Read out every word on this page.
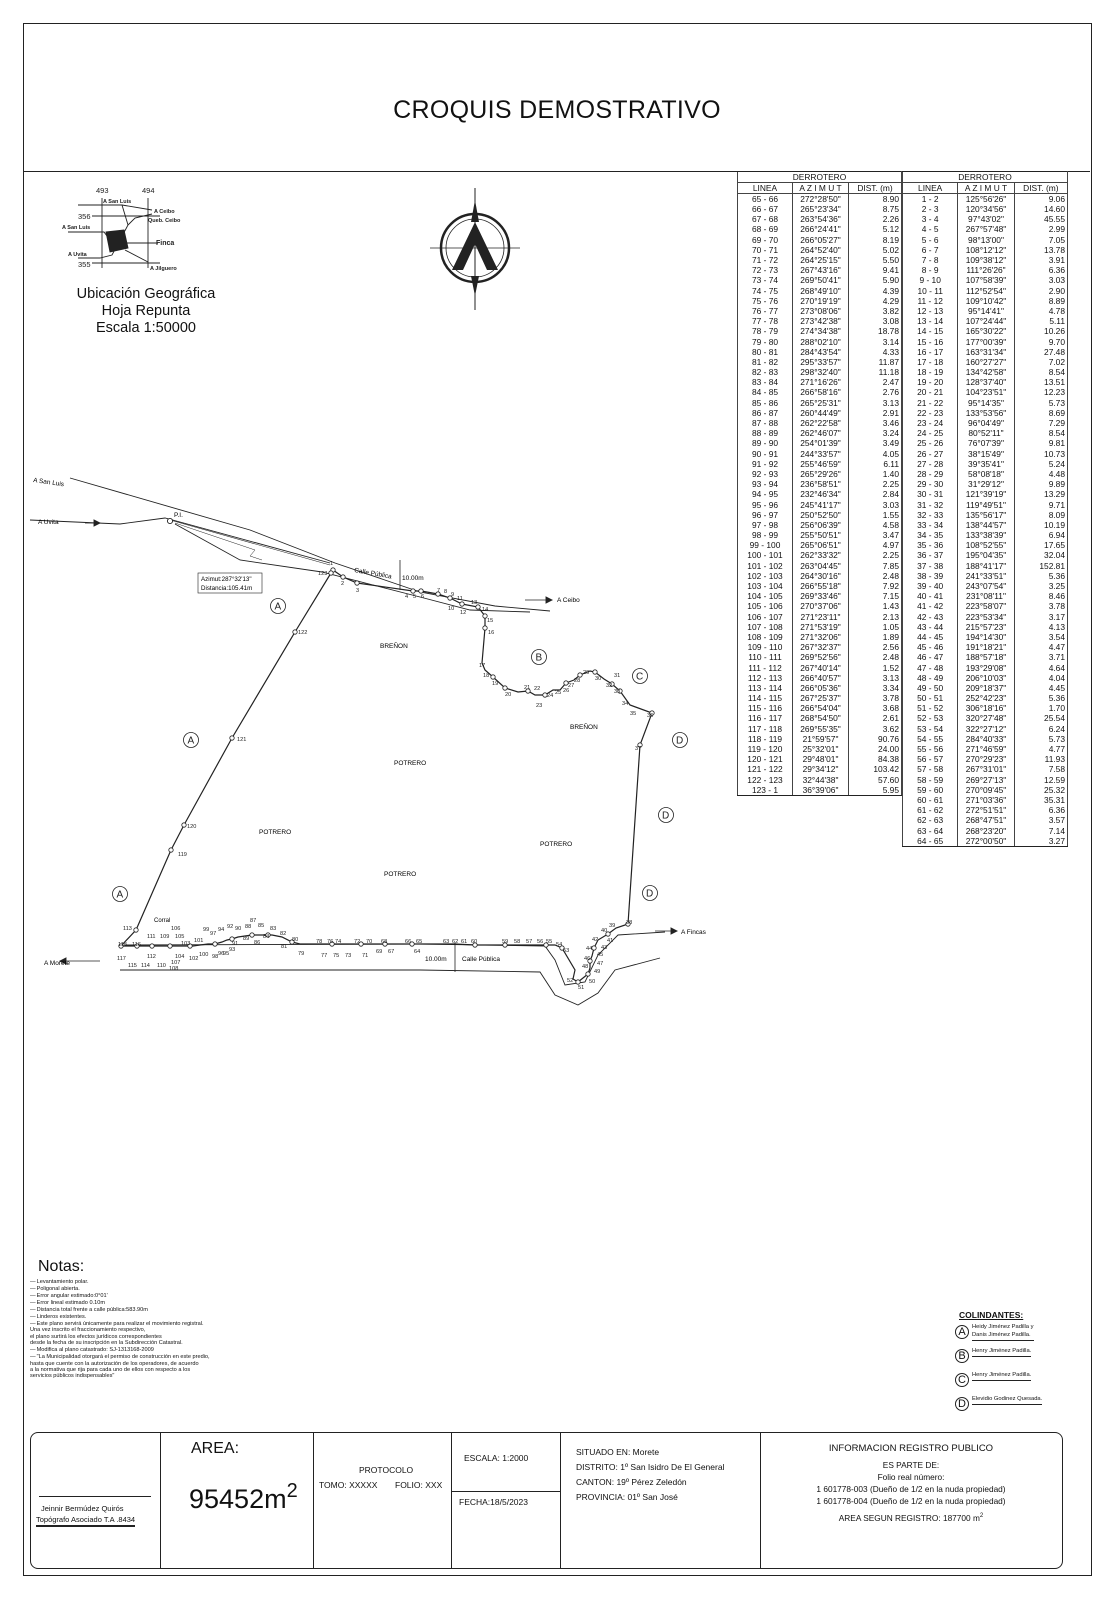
CROQUIS DEMOSTRATIVO
493	494
356
355
A San Luis
A Ceibo
Queb. Ceibo
A San Luis
Finca
A Uvita
A Jilguero
A San Luis
A Uvita
A Ceibo
A Fincas
A Morete
Calle Pública
Calle Pública
10.00m
10.00m
P.I.
Azimut:287°32'13"
Distancia:105.41m
1
2
3
4 5 6
7 8 9
10
11
12
13
14
15
16
17
18
19
20
21 22
23
24 25 26
27
28
29
30 31
32
33
34
35 36
37
38
39
40
41
42
43
44
45
46
47
48
49
50
51
52
53
54
55
56
57
58
59
60
61
62
63
64
65
66
67
68
69
70
71
72
73
74
75
76
77
78
79
80
81
82
83
84
85
86
87
88
89
90
91
92
93
94
95
96
97
98
99
100
101
102
103
104
105
106
107
108
109
110
111
112
113
114
115
116
117
118
119
120
121
122
123
BREÑON
BREÑON
POTRERO
POTRERO
POTRERO
POTRERO
Corral
A
A
A
B
C
D
D
D
Ubicación Geográfica
Hoja Repunta
Escala 1:50000
DERROTERO		
LINEA	A Z I M U T	DIST. (m)
65 - 66	272°28'50"	8.90
66 - 67	265°23'34"	8.75
67 - 68	263°54'36"	2.26
68 - 69	266°24'41"	5.12
69 - 70	266°05'27"	8.19
70 - 71	264°52'40"	5.02
71 - 72	264°25'15"	5.50
72 - 73	267°43'16"	9.41
73 - 74	269°50'41"	5.90
74 - 75	268°49'10"	4.39
75 - 76	270°19'19"	4.29
76 - 77	273°08'06"	3.82
77 - 78	273°42'38"	3.08
78 - 79	274°34'38"	18.78
79 - 80	288°02'10"	3.14
80 - 81	284°43'54"	4.33
81 - 82	295°33'57"	11.87
82 - 83	298°32'40"	11.18
83 - 84	271°16'26"	2.47
84 - 85	266°58'16"	2.76
85 - 86	265°25'31"	3.13
86 - 87	260°44'49"	2.91
87 - 88	262°22'58"	3.46
88 - 89	262°46'07"	3.24
89 - 90	254°01'39"	3.49
90 - 91	244°33'57"	4.05
91 - 92	255°46'59"	6.11
92 - 93	265°29'26"	1.40
93 - 94	236°58'51"	2.25
94 - 95	232°46'34"	2.84
95 - 96	245°41'17"	3.03
96 - 97	250°52'50"	1.55
97 - 98	256°06'39"	4.58
98 - 99	255°50'51"	3.47
99 - 100	265°06'51"	4.97
100 - 101	262°33'32"	2.25
101 - 102	263°04'45"	7.85
102 - 103	264°30'16"	2.48
103 - 104	266°55'18"	7.92
104 - 105	269°33'46"	7.15
105 - 106	270°37'06"	1.43
106 - 107	271°23'11"	2.13
107 - 108	271°53'19"	1.05
108 - 109	271°32'06"	1.89
109 - 110	267°32'37"	2.56
110 - 111	269°52'56"	2.48
111 - 112	267°40'14"	1.52
112 - 113	266°40'57"	3.13
113 - 114	266°05'36"	3.34
114 - 115	267°25'37"	3.78
115 - 116	266°54'04"	3.68
116 - 117	268°54'50"	2.61
117 - 118	269°55'35"	3.62
118 - 119	21°59'57"	90.76
119 - 120	25°32'01"	24.00
120 - 121	29°48'01"	84.38
121 - 122	29°34'12"	103.42
122 - 123	32°44'38"	57.60
123 - 1	36°39'06"	5.95
DERROTERO		
LINEA	A Z I M U T	DIST. (m)
1 - 2	125°56'26"	9.06
2 - 3	120°34'56"	14.60
3 - 4	97°43'02"	45.55
4 - 5	267°57'48"	2.99
5 - 6	98°13'00"	7.05
6 - 7	108°12'12"	13.78
7 - 8	109°38'12"	3.91
8 - 9	111°26'26"	6.36
9 - 10	107°58'39"	3.03
10 - 11	112°52'54"	2.90
11 - 12	109°10'42"	8.89
12 - 13	95°14'41"	4.78
13 - 14	107°24'44"	5.11
14 - 15	165°30'22"	10.26
15 - 16	177°00'39"	9.70
16 - 17	163°31'34"	27.48
17 - 18	160°27'27"	7.02
18 - 19	134°42'58"	8.54
19 - 20	128°37'40"	13.51
20 - 21	104°23'51"	12.23
21 - 22	95°14'35"	5.73
22 - 23	133°53'56"	8.69
23 - 24	96°04'49"	7.29
24 - 25	80°52'11"	8.54
25 - 26	76°07'39"	9.81
26 - 27	38°15'49"	10.73
27 - 28	39°35'41"	5.24
28 - 29	58°08'18"	4.48
29 - 30	31°29'12"	9.89
30 - 31	121°39'19"	13.29
31 - 32	119°49'51"	9.71
32 - 33	135°56'17"	8.09
33 - 34	138°44'57"	10.19
34 - 35	133°38'39"	6.94
35 - 36	108°52'55"	17.65
36 - 37	195°04'35"	32.04
37 - 38	188°41'17"	152.81
38 - 39	241°33'51"	5.36
39 - 40	243°07'54"	3.25
40 - 41	231°08'11"	8.46
41 - 42	223°58'07"	3.78
42 - 43	223°53'34"	3.17
43 - 44	215°57'23"	4.13
44 - 45	194°14'30"	3.54
45 - 46	191°18'21"	4.47
46 - 47	188°57'18"	3.71
47 - 48	193°29'08"	4.64
48 - 49	206°10'03"	4.04
49 - 50	209°18'37"	4.45
50 - 51	252°42'23"	5.36
51 - 52	306°18'16"	1.70
52 - 53	320°27'48"	25.54
53 - 54	322°27'12"	6.24
54 - 55	284°40'33"	5.73
55 - 56	271°46'59"	4.77
56 - 57	270°29'23"	11.93
57 - 58	267°31'01"	7.58
58 - 59	269°27'13"	12.59
59 - 60	270°09'45"	25.32
60 - 61	271°03'36"	35.31
61 - 62	272°51'51"	6.36
62 - 63	268°47'51"	3.57
63 - 64	268°23'20"	7.14
64 - 65	272°00'50"	3.27
Notas:
— Levantamiento polar.
— Poligonal abierta.
— Error angular estimado:0°01'
— Error lineal estimado 0.10m
— Distancia total frente a calle pública:583.90m
— Linderos existentes.
— Este plano servirá únicamente para realizar el movimiento registral.
Una vez inscrito el fraccionamiento respectivo,
el plano surtirá los efectos jurídicos correspondientes
desde la fecha de su inscripción en la Subdirección Catastral.
— Modifica al plano catastrado: SJ-1313168-2009
— "La Municipalidad otorgará el permiso de construcción en este predio,
hasta que cuente con la autorización de los operadores, de acuerdo
a la normativa que rija para cada uno de ellos con respecto a los
servicios públicos indispensables"
COLINDANTES:
A	Heidy Jiménez Padilla y
Danis Jiménez Padilla.
B	Henry Jiménez Padilla.
C	Henry Jiménez Padilla.
D	Elevidio Godinez Quesada.
Jeinnir Bermúdez Quirós
Topógrafo Asociado T.A .8434
AREA:
$95452m^2$
PROTOCOLO
TOMO: XXXXX FOLIO: XXX
ESCALA: 1:2000
FECHA:18/5/2023
SITUADO EN: Morete
DISTRITO: 1º San Isidro De El General
CANTON: 19º Pérez Zeledón
PROVINCIA: 01º San José
INFORMACION REGISTRO PUBLICO
ES PARTE DE:
Folio real número:
1 601778-003 (Dueño de 1/2 en la nuda propiedad)
1 601778-004 (Dueño de 1/2 en la nuda propiedad)
AREA SEGUN REGISTRO: 187700 $m^2$
